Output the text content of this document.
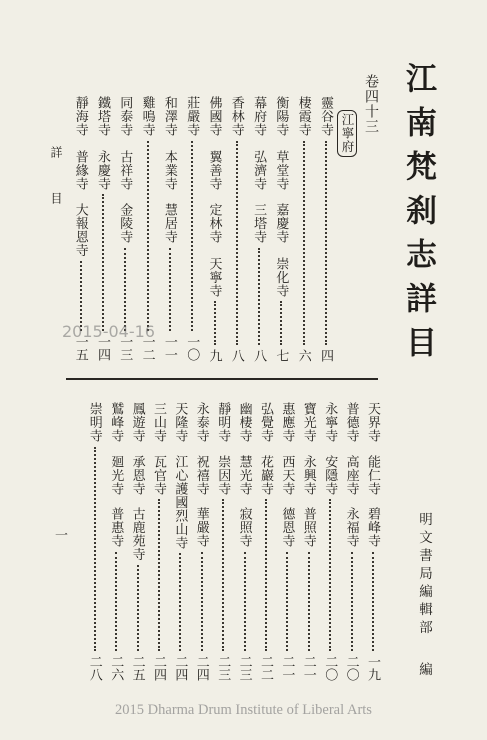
江南梵刹志詳目
明文書局編輯部
編
卷四十三
江寧府
詳
目
靈谷寺
四
棲霞寺
六
衡陽寺
草堂寺
嘉慶寺
崇化寺
七
幕府寺
弘濟寺
三塔寺
八
香林寺
八
佛國寺
翼善寺
定林寺
天寧寺
九
莊嚴寺
一〇
和澤寺
本業寺
慧居寺
一一
雞鳴寺
一二
同泰寺
古祥寺
金陵寺
一三
鐵塔寺
永慶寺
一四
靜海寺
普緣寺
大報恩寺
一五
天界寺
能仁寺
碧峰寺
一九
普德寺
高座寺
永福寺
二〇
永寧寺
安隱寺
二〇
寶光寺
永興寺
普照寺
二一
惠應寺
西天寺
德恩寺
二一
弘覺寺
花巖寺
二二
幽棲寺
慧光寺
寂照寺
二三
靜明寺
崇因寺
二三
永泰寺
祝禧寺
華嚴寺
二四
天隆寺
江心護國烈山寺
二四
三山寺
瓦官寺
二四
鳳遊寺
承恩寺
古鹿苑寺
二五
鷲峰寺
廻光寺
普惠寺
二六
崇明寺
二八
一
2015-04-16
2015 Dharma Drum Institute of Liberal Arts
